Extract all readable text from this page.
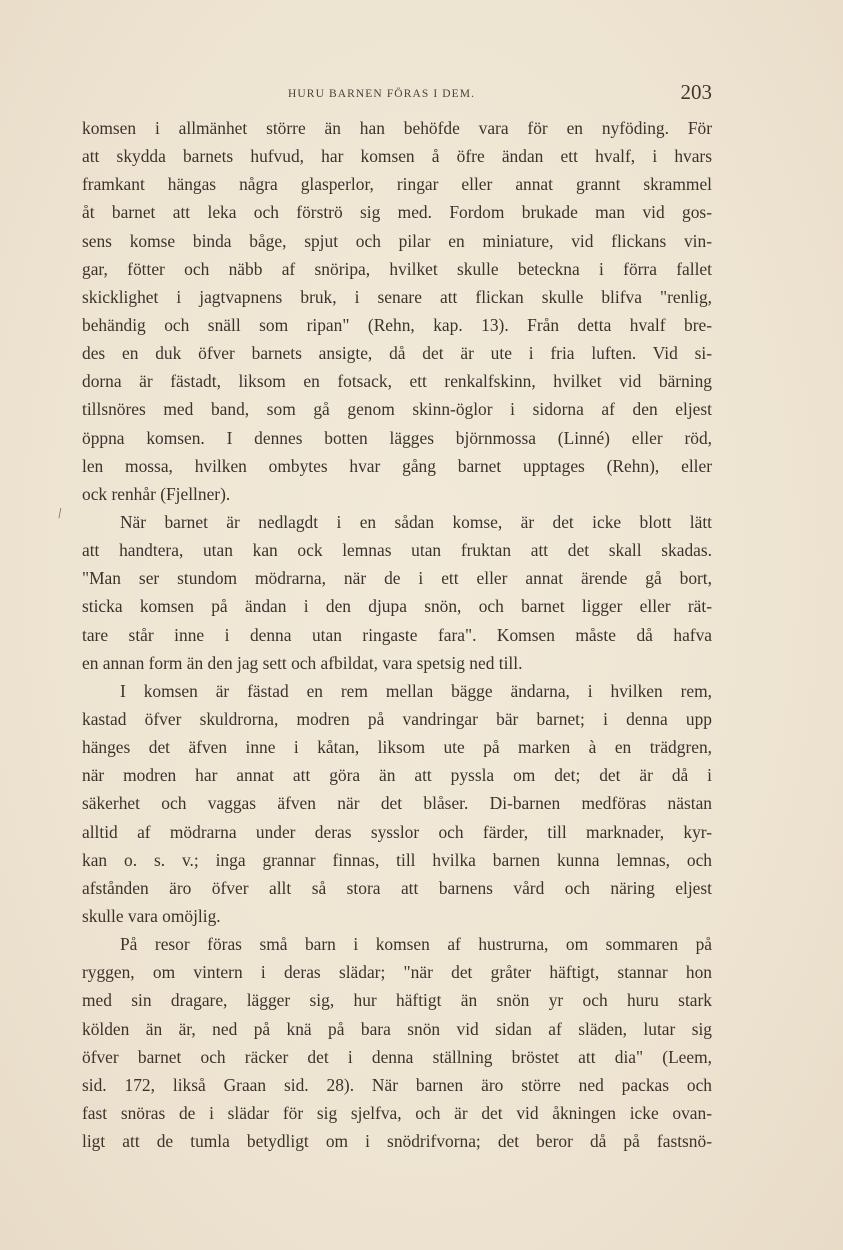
HURU BARNEN FÖRAS I DEM.	203
/
komsen i allmänhet större än han behöfde vara för en nyföding. För
att skydda barnets hufvud, har komsen å öfre ändan ett hvalf, i hvars
framkant hängas några glasperlor, ringar eller annat grannt skrammel
åt barnet att leka och förströ sig med. Fordom brukade man vid gos-
sens komse binda båge, spjut och pilar en miniature, vid flickans vin-
gar, fötter och näbb af snöripa, hvilket skulle beteckna i förra fallet
skicklighet i jagtvapnens bruk, i senare att flickan skulle blifva "renlig,
behändig och snäll som ripan" (Rehn, kap. 13). Från detta hvalf bre-
des en duk öfver barnets ansigte, då det är ute i fria luften. Vid si-
dorna är fästadt, liksom en fotsack, ett renkalfskinn, hvilket vid bärning
tillsnöres med band, som gå genom skinn-öglor i sidorna af den eljest
öppna komsen. I dennes botten lägges björnmossa (Linné) eller röd,
len mossa, hvilken ombytes hvar gång barnet upptages (Rehn), eller
ock renhår (Fjellner).
När barnet är nedlagdt i en sådan komse, är det icke blott lätt
att handtera, utan kan ock lemnas utan fruktan att det skall skadas.
"Man ser stundom mödrarna, när de i ett eller annat ärende gå bort,
sticka komsen på ändan i den djupa snön, och barnet ligger eller rät-
tare står inne i denna utan ringaste fara". Komsen måste då hafva
en annan form än den jag sett och afbildat, vara spetsig ned till.
I komsen är fästad en rem mellan bägge ändarna, i hvilken rem,
kastad öfver skuldrorna, modren på vandringar bär barnet; i denna upp
hänges det äfven inne i kåtan, liksom ute på marken à en trädgren,
när modren har annat att göra än att pyssla om det; det är då i
säkerhet och vaggas äfven när det blåser. Di-barnen medföras nästan
alltid af mödrarna under deras sysslor och färder, till marknader, kyr-
kan o. s. v.; inga grannar finnas, till hvilka barnen kunna lemnas, och
afstånden äro öfver allt så stora att barnens vård och näring eljest
skulle vara omöjlig.
På resor föras små barn i komsen af hustrurna, om sommaren på
ryggen, om vintern i deras slädar; "när det gråter häftigt, stannar hon
med sin dragare, lägger sig, hur häftigt än snön yr och huru stark
kölden än är, ned på knä på bara snön vid sidan af släden, lutar sig
öfver barnet och räcker det i denna ställning bröstet att dia" (Leem,
sid. 172, likså Graan sid. 28). När barnen äro större ned packas och
fast snöras de i slädar för sig sjelfva, och är det vid åkningen icke ovan-
ligt att de tumla betydligt om i snödrifvorna; det beror då på fastsnö-
